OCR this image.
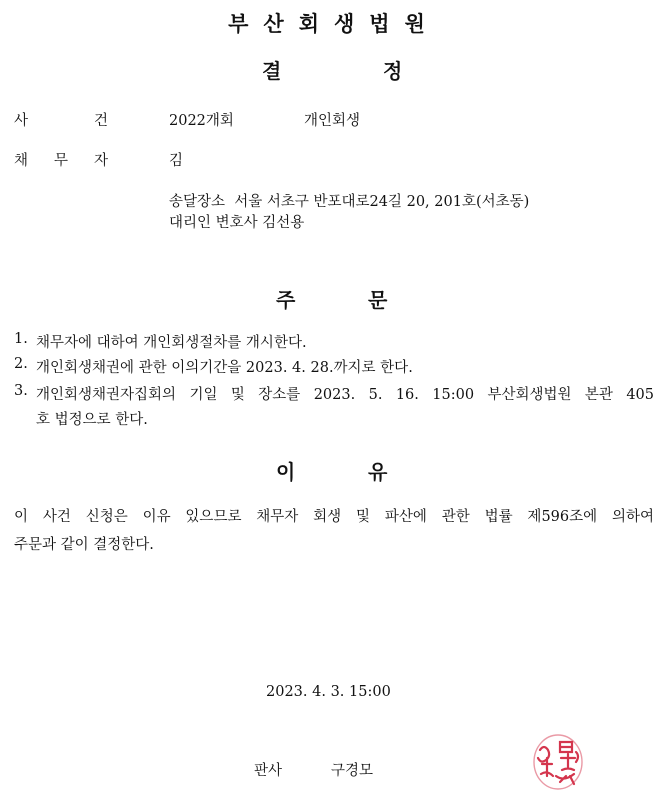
부산회생법원
결	정
사	건	2022개회	개인회생
채 무 자	김
송달장소  서울 서초구 반포대로24길 20, 201호(서초동)
대리인 변호사 김선용
주	문
1. 채무자에 대하여 개인회생절차를 개시한다.
2. 개인회생채권에 관한 이의기간을 2023. 4. 28.까지로 한다.
3. 개인회생채권자집회의 기일 및 장소를 2023. 5. 16. 15:00 부산회생법원 본관 405
호 법정으로 한다.
이	유
이 사건 신청은 이유 있으므로 채무자 회생 및 파산에 관한 법률 제596조에 의하여
주문과 같이 결정한다.
2023. 4. 3. 15:00
판사	구경모
